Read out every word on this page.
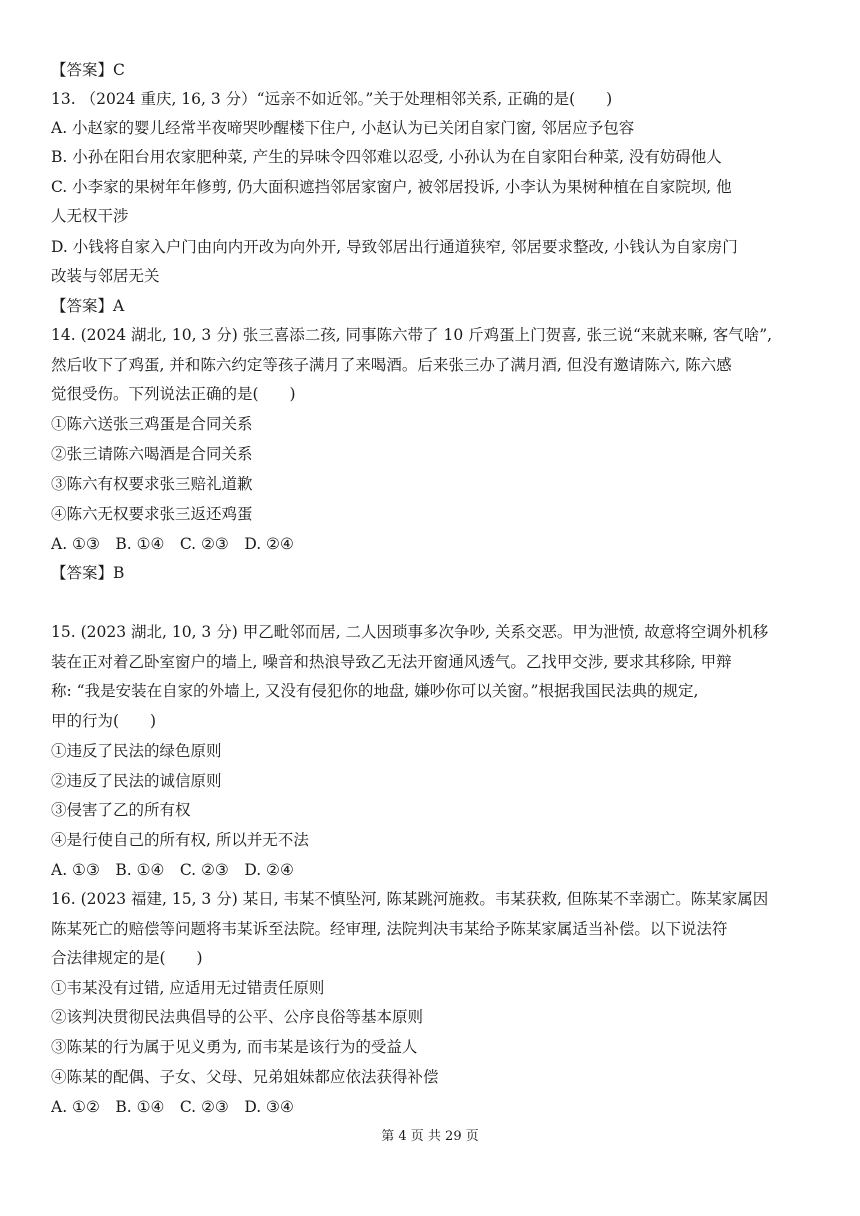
【答案】C
13. （2024 重庆, 16, 3 分）“远亲不如近邻。”关于处理相邻关系, 正确的是(　　)
A. 小赵家的婴儿经常半夜啼哭吵醒楼下住户, 小赵认为已关闭自家门窗, 邻居应予包容
B. 小孙在阳台用农家肥种菜, 产生的异味令四邻难以忍受, 小孙认为在自家阳台种菜, 没有妨碍他人
C. 小李家的果树年年修剪, 仍大面积遮挡邻居家窗户, 被邻居投诉, 小李认为果树种植在自家院坝, 他
人无权干涉
D. 小钱将自家入户门由向内开改为向外开, 导致邻居出行通道狭窄, 邻居要求整改, 小钱认为自家房门
改装与邻居无关
【答案】A
14. (2024 湖北, 10, 3 分) 张三喜添二孩, 同事陈六带了 10 斤鸡蛋上门贺喜, 张三说“来就来嘛, 客气啥”,
然后收下了鸡蛋, 并和陈六约定等孩子满月了来喝酒。后来张三办了满月酒, 但没有邀请陈六, 陈六感
觉很受伤。下列说法正确的是(　　)
①陈六送张三鸡蛋是合同关系
②张三请陈六喝酒是合同关系
③陈六有权要求张三赔礼道歉
④陈六无权要求张三返还鸡蛋
A. ①③　B. ①④　C. ②③　D. ②④
【答案】B
15. (2023 湖北, 10, 3 分) 甲乙毗邻而居, 二人因琐事多次争吵, 关系交恶。甲为泄愤, 故意将空调外机移
装在正对着乙卧室窗户的墙上, 噪音和热浪导致乙无法开窗通风透气。乙找甲交涉, 要求其移除, 甲辩
称: “我是安装在自家的外墙上, 又没有侵犯你的地盘, 嫌吵你可以关窗。”根据我国民法典的规定,
甲的行为(　　)
①违反了民法的绿色原则
②违反了民法的诚信原则
③侵害了乙的所有权
④是行使自己的所有权, 所以并无不法
A. ①③　B. ①④　C. ②③　D. ②④
16. (2023 福建, 15, 3 分) 某日, 韦某不慎坠河, 陈某跳河施救。韦某获救, 但陈某不幸溺亡。陈某家属因
陈某死亡的赔偿等问题将韦某诉至法院。经审理, 法院判决韦某给予陈某家属适当补偿。以下说法符
合法律规定的是(　　)
①韦某没有过错, 应适用无过错责任原则
②该判决贯彻民法典倡导的公平、公序良俗等基本原则
③陈某的行为属于见义勇为, 而韦某是该行为的受益人
④陈某的配偶、子女、父母、兄弟姐妹都应依法获得补偿
A. ①②　B. ①④　C. ②③　D. ③④
第 4 页 共 29 页
